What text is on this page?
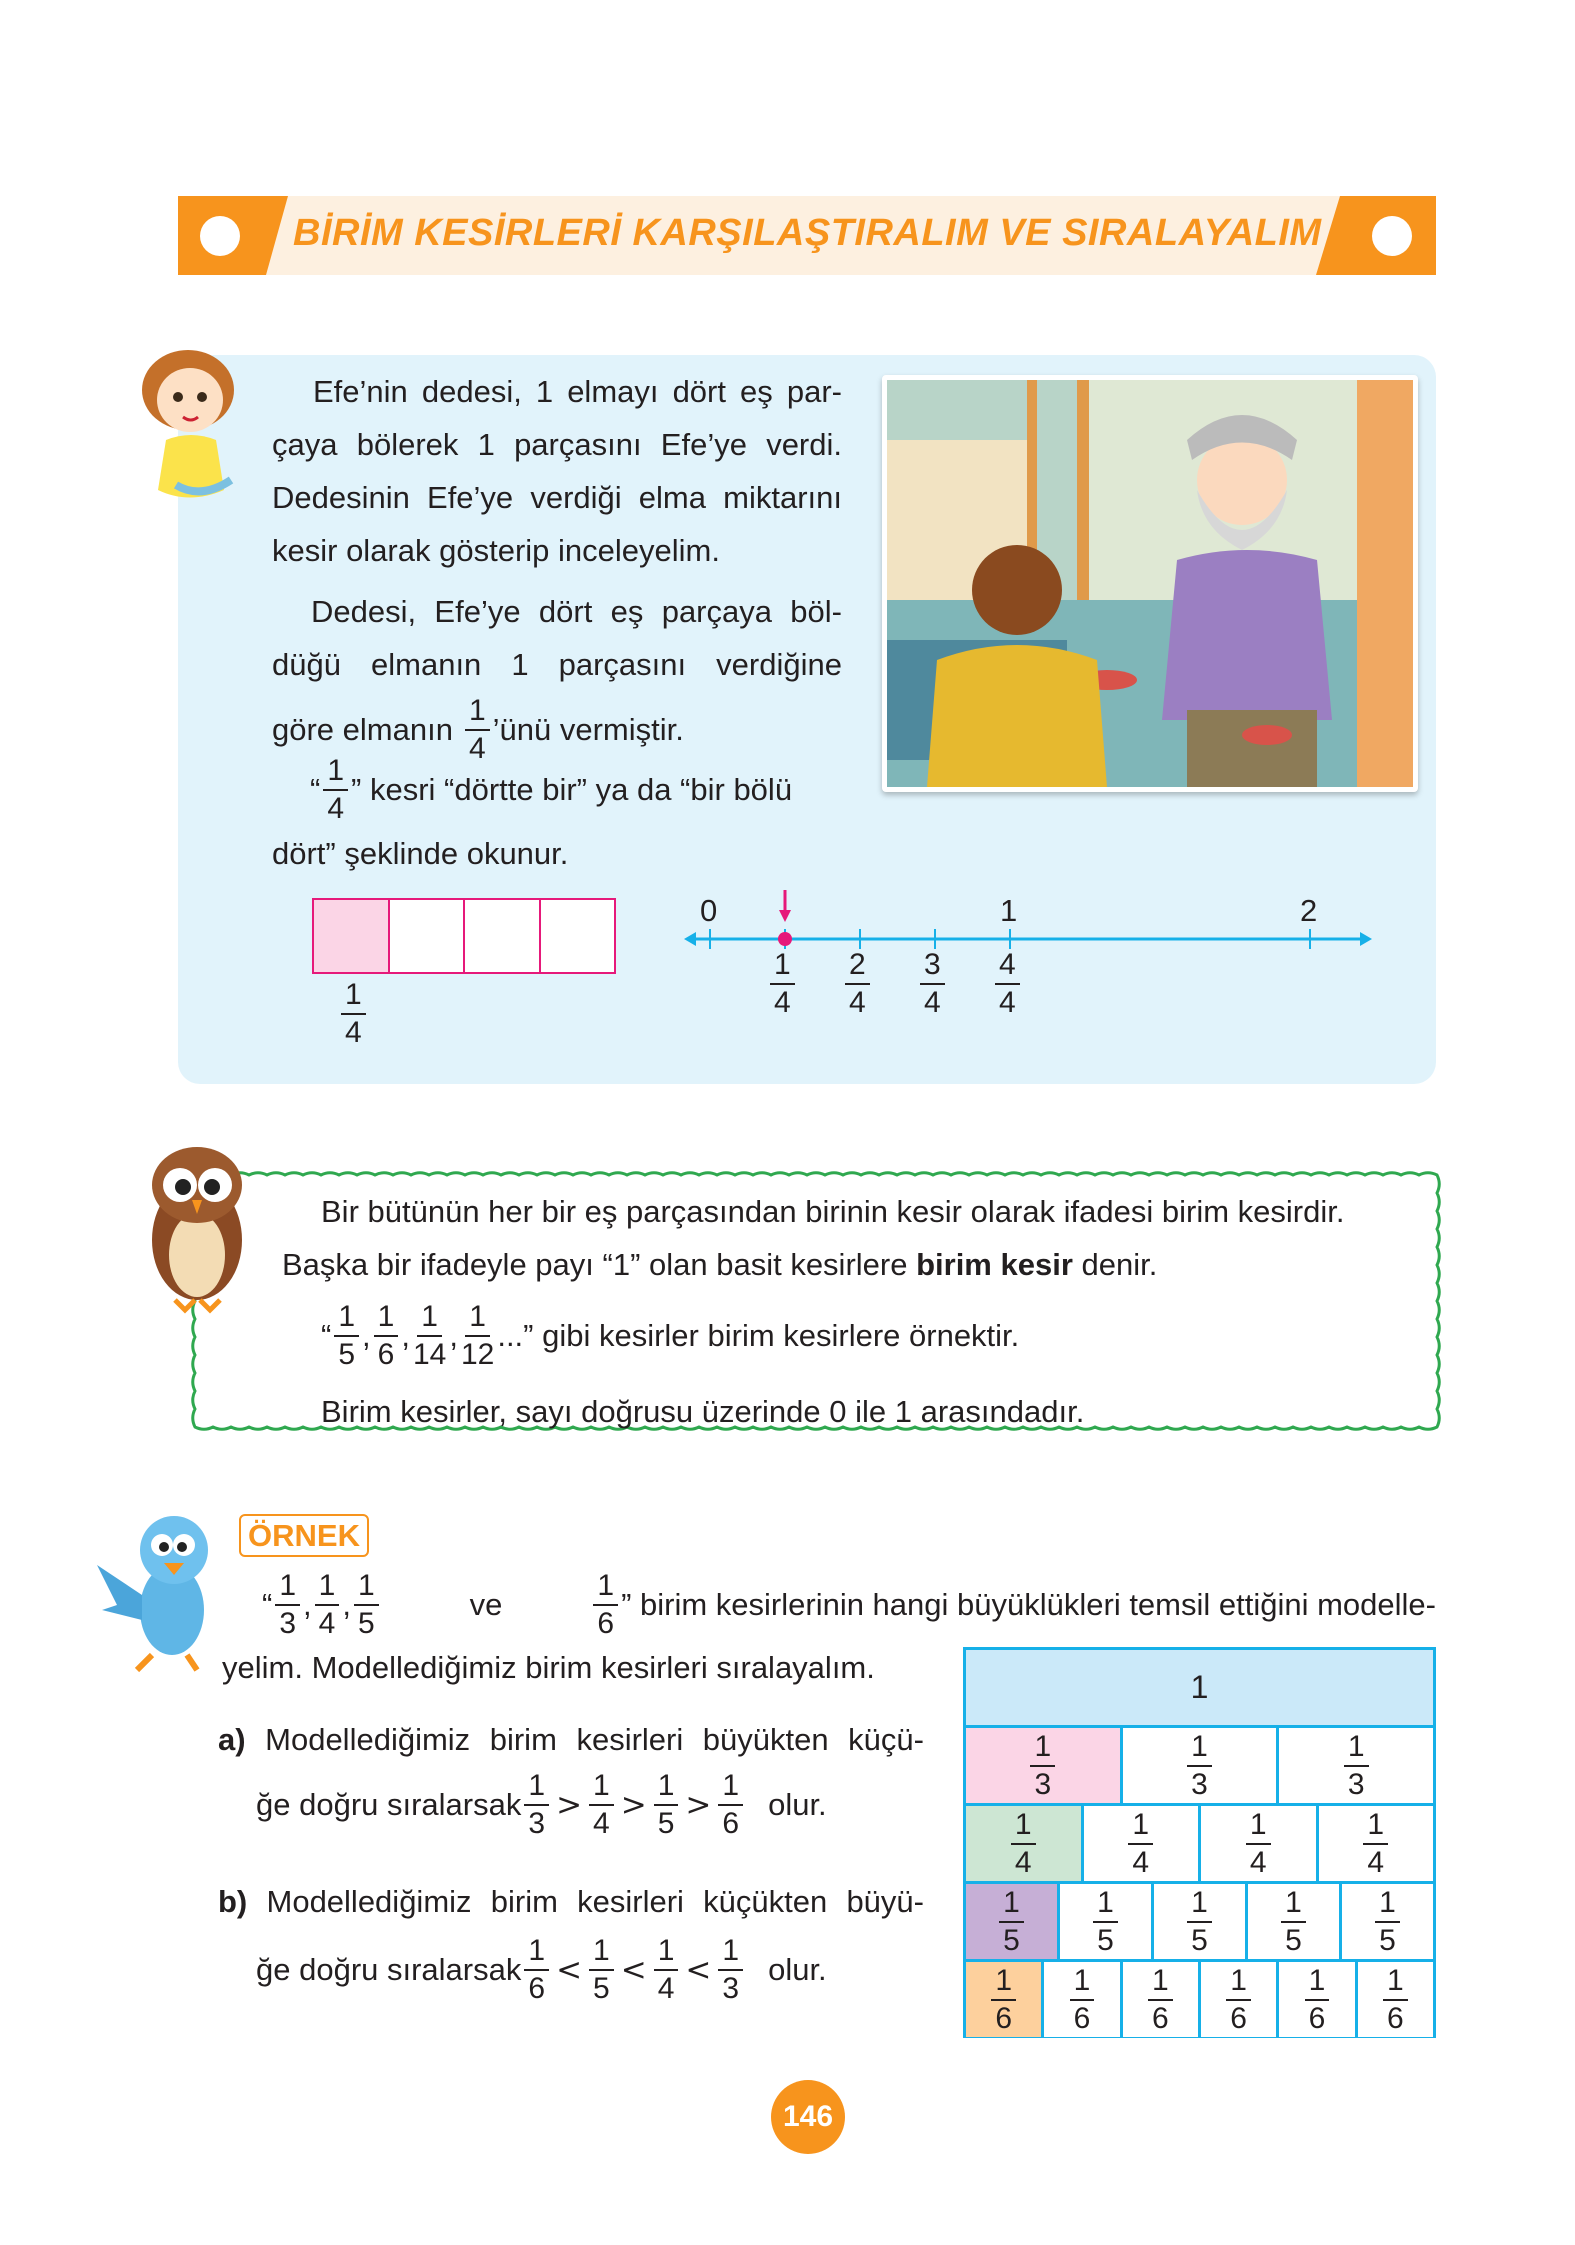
BİRİM KESİRLERİ KARŞILAŞTIRALIM VE SIRALAYALIM
Efe’nin dedesi, 1 elmayı dört eş par-
çaya bölerek 1 parçasını Efe’ye verdi.
Dedesinin Efe’ye verdiği elma miktarını
kesir olarak gösterip inceleyelim.
Dedesi, Efe’ye dört eş parçaya böl-
düğü elmanın 1 parçasını verdiğine
göre elmanın $\frac{1}{4}$ ’ünü vermiştir.
“ $\frac{1}{4}$ ” kesri “dörtte bir” ya da “bir bölü
dört” şeklinde okunur.
$\frac{1}{4}$
0	1	2
$\frac{1}{4} \frac{2}{4} \frac{3}{4} \frac{4}{4}$
Bir bütünün her bir eş parçasından birinin kesir olarak ifadesi birim kesirdir.
Başka bir ifadeyle payı “1” olan basit kesirlere birim kesir denir.
“ $\frac{1}{5}$ , $\frac{1}{6}$ , $\frac{1}{14}$ , $\frac{1}{12}$ ...” gibi kesirler birim kesirlere örnektir.
Birim kesirler, sayı doğrusu üzerinde 0 ile 1 arasındadır.
ÖRNEK
“ $\frac{1}{3}$ , $\frac{1}{4}$ , $\frac{1}{5}$	ve	$\frac{1}{6}$ ” birim kesirlerinin hangi büyüklükleri temsil ettiğini modelle-
yelim. Modellediğimiz birim kesirleri sıralayalım.
a) Modellediğimiz birim kesirleri büyükten küçü-
ğe doğru sıralarsak $\frac{1}{3} > \frac{1}{4} > \frac{1}{5} > \frac{1}{6}$ olur.
b) Modellediğimiz birim kesirleri küçükten büyü-
ğe doğru sıralarsak $\frac{1}{6} < \frac{1}{5} < \frac{1}{4} < \frac{1}{3}$ olur.
1
$\frac{1}{3}$	$\frac{1}{3}$	$\frac{1}{3}$
$\frac{1}{4}$	$\frac{1}{4}$	$\frac{1}{4}$	$\frac{1}{4}$
$\frac{1}{5} \frac{1}{5} \frac{1}{5} \frac{1}{5} \frac{1}{5}$
$\frac{1}{6} \frac{1}{6} \frac{1}{6} \frac{1}{6} \frac{1}{6} \frac{1}{6}$
146
